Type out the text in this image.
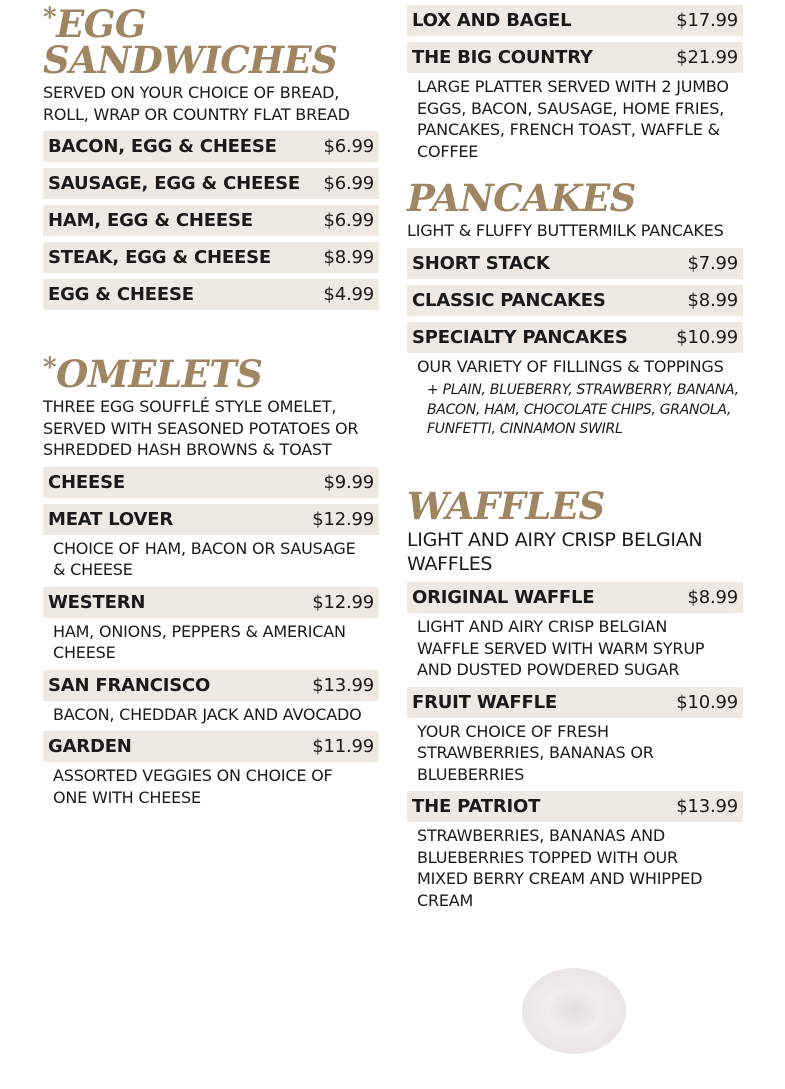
*EGG SANDWICHES
SERVED ON YOUR CHOICE OF BREAD, ROLL, WRAP OR COUNTRY FLAT BREAD
BACON, EGG & CHEESE	$6.99
SAUSAGE, EGG & CHEESE $6.99
HAM, EGG & CHEESE	$6.99
STEAK, EGG & CHEESE	$8.99
EGG & CHEESE	$4.99
*OMELETS
THREE EGG SOUFFLÉ STYLE OMELET, SERVED WITH SEASONED POTATOES OR SHREDDED HASH BROWNS & TOAST
CHEESE	$9.99
MEAT LOVER	$12.99
CHOICE OF HAM, BACON OR SAUSAGE & CHEESE
WESTERN	$12.99
HAM, ONIONS, PEPPERS & AMERICAN CHEESE
SAN FRANCISCO	$13.99
BACON, CHEDDAR JACK AND AVOCADO
GARDEN	$11.99
ASSORTED VEGGIES ON CHOICE OF ONE WITH CHEESE
LOX AND BAGEL	$17.99
THE BIG COUNTRY	$21.99
LARGE PLATTER SERVED WITH 2 JUMBO EGGS, BACON, SAUSAGE, HOME FRIES, PANCAKES, FRENCH TOAST, WAFFLE & COFFEE
PANCAKES
LIGHT & FLUFFY BUTTERMILK PANCAKES
SHORT STACK	$7.99
CLASSIC PANCAKES	$8.99
SPECIALTY PANCAKES	$10.99
OUR VARIETY OF FILLINGS & TOPPINGS
+ PLAIN, BLUEBERRY, STRAWBERRY, BANANA, BACON, HAM, CHOCOLATE CHIPS, GRANOLA, FUNFETTI, CINNAMON SWIRL
WAFFLES
LIGHT AND AIRY CRISP BELGIAN WAFFLES
ORIGINAL WAFFLE	$8.99
LIGHT AND AIRY CRISP BELGIAN WAFFLE SERVED WITH WARM SYRUP AND DUSTED POWDERED SUGAR
FRUIT WAFFLE	$10.99
YOUR CHOICE OF FRESH STRAWBERRIES, BANANAS OR BLUEBERRIES
THE PATRIOT	$13.99
STRAWBERRIES, BANANAS AND BLUEBERRIES TOPPED WITH OUR MIXED BERRY CREAM AND WHIPPED CREAM
